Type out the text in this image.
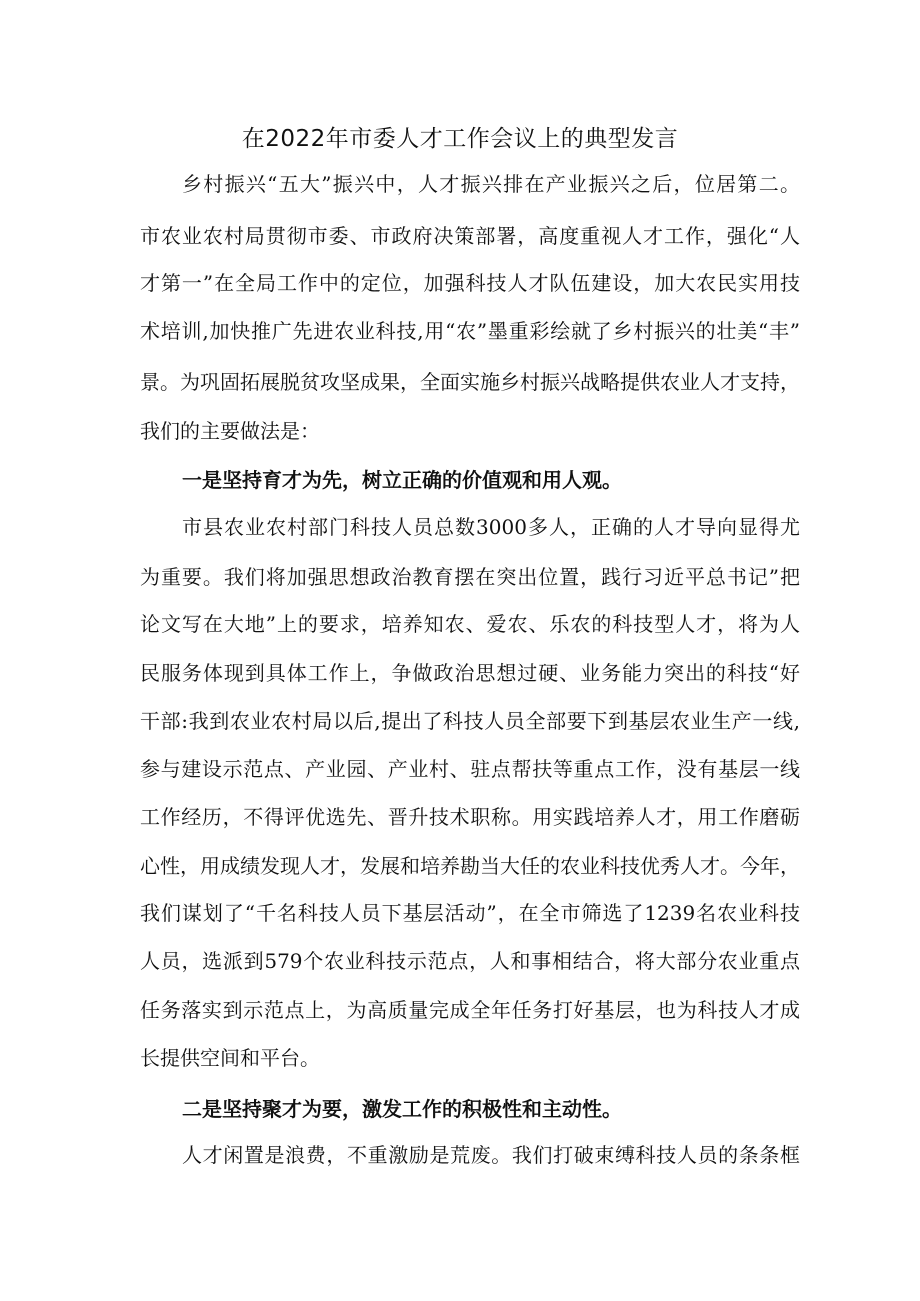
在2022年市委人才工作会议上的典型发言
乡村振兴“五大”振兴中，人才振兴排在产业振兴之后，位居第二。
市农业农村局贯彻市委、市政府决策部署，高度重视人才工作，强化“人
才第一”在全局工作中的定位，加强科技人才队伍建设，加大农民实用技
术培训,加快推广先进农业科技,用“农”墨重彩绘就了乡村振兴的壮美“丰”
景。为巩固拓展脱贫攻坚成果，全面实施乡村振兴战略提供农业人才支持，
我们的主要做法是：
一是坚持育才为先，树立正确的价值观和用人观。
市县农业农村部门科技人员总数3000多人，正确的人才导向显得尤
为重要。我们将加强思想政治教育摆在突出位置，践行习近平总书记”把
论文写在大地”上的要求，培养知农、爱农、乐农的科技型人才，将为人
民服务体现到具体工作上，争做政治思想过硬、业务能力突出的科技“好
干部:我到农业农村局以后,提出了科技人员全部要下到基层农业生产一线,
参与建设示范点、产业园、产业村、驻点帮扶等重点工作，没有基层一线
工作经历，不得评优选先、晋升技术职称。用实践培养人才，用工作磨砺
心性，用成绩发现人才，发展和培养勘当大任的农业科技优秀人才。今年，
我们谋划了“千名科技人员下基层活动”，在全市筛选了1239名农业科技
人员，选派到579个农业科技示范点，人和事相结合，将大部分农业重点
任务落实到示范点上，为高质量完成全年任务打好基层，也为科技人才成
长提供空间和平台。
二是坚持聚才为要，激发工作的积极性和主动性。
人才闲置是浪费，不重激励是荒废。我们打破束缚科技人员的条条框
